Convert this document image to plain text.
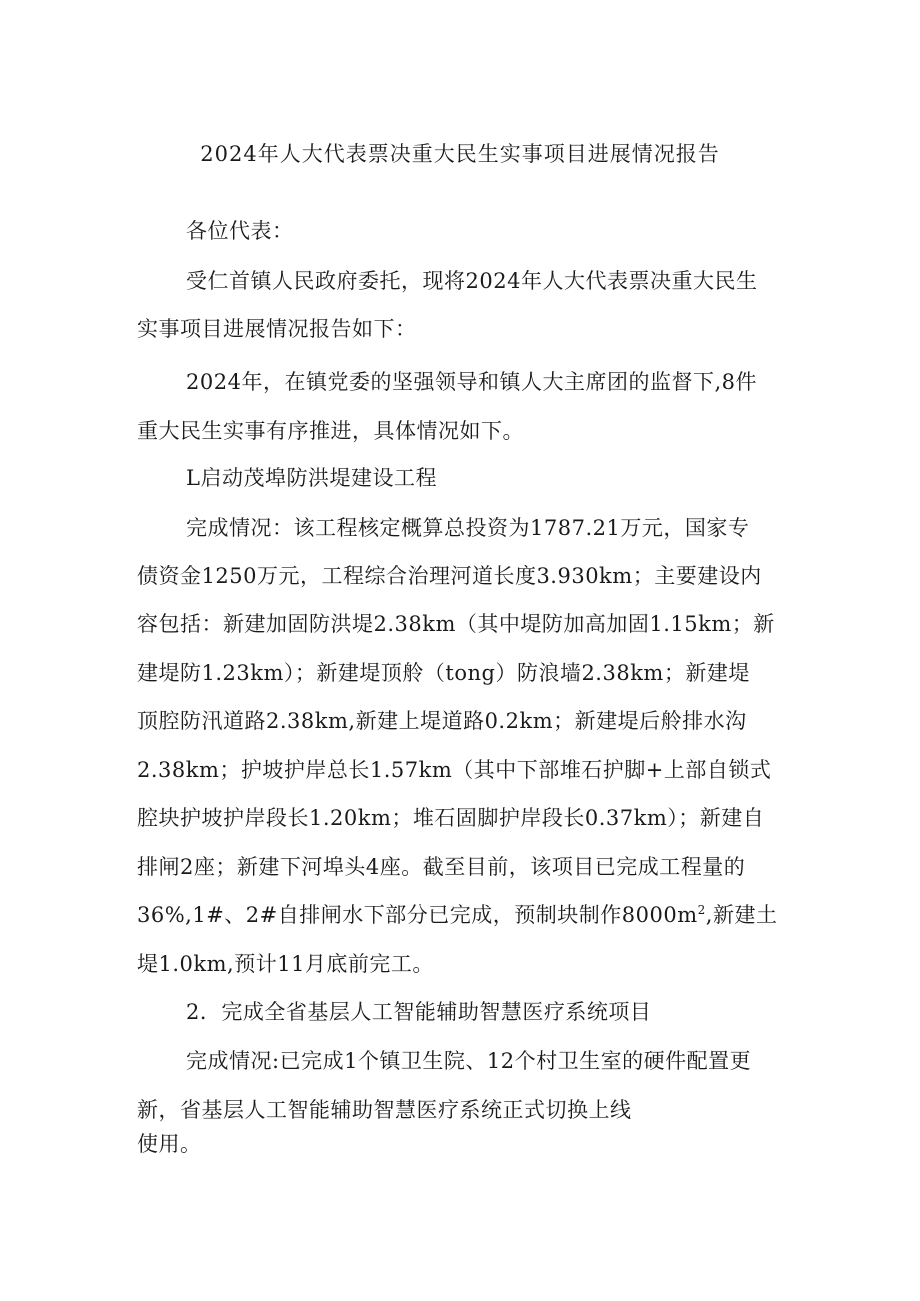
2024年人大代表票决重大民生实事项目进展情况报告

各位代表：

受仁首镇人民政府委托，现将2024年人大代表票决重大民生

实事项目进展情况报告如下：

2024年，在镇党委的坚强领导和镇人大主席团的监督下,8件

重大民生实事有序推进，具体情况如下。

L启动茂埠防洪堤建设工程

完成情况：该工程核定概算总投资为1787.21万元，国家专

债资金1250万元，工程综合治理河道长度3.930km；主要建设内

容包括：新建加固防洪堤2.38km（其中堤防加高加固1.15km；新

建堤防1.23km）；新建堤顶舲（tong）防浪墙2.38km；新建堤

顶腔防汛道路2.38km,新建上堤道路0.2km；新建堤后舲排水沟

2.38km；护坡护岸总长1.57km（其中下部堆石护脚+上部自锁式

腔块护坡护岸段长1.20km；堆石固脚护岸段长0.37km）；新建自

排闸2座；新建下河埠头4座。截至目前，该项目已完成工程量的

36%,1#、2#自排闸水下部分已完成，预制块制作$8000m^2$,新建土

堤1.0km,预计11月底前完工。

2．完成全省基层人工智能辅助智慧医疗系统项目

完成情况:已完成1个镇卫生院、12个村卫生室的硬件配置更

新，省基层人工智能辅助智慧医疗系统正式切换上线

使用。
